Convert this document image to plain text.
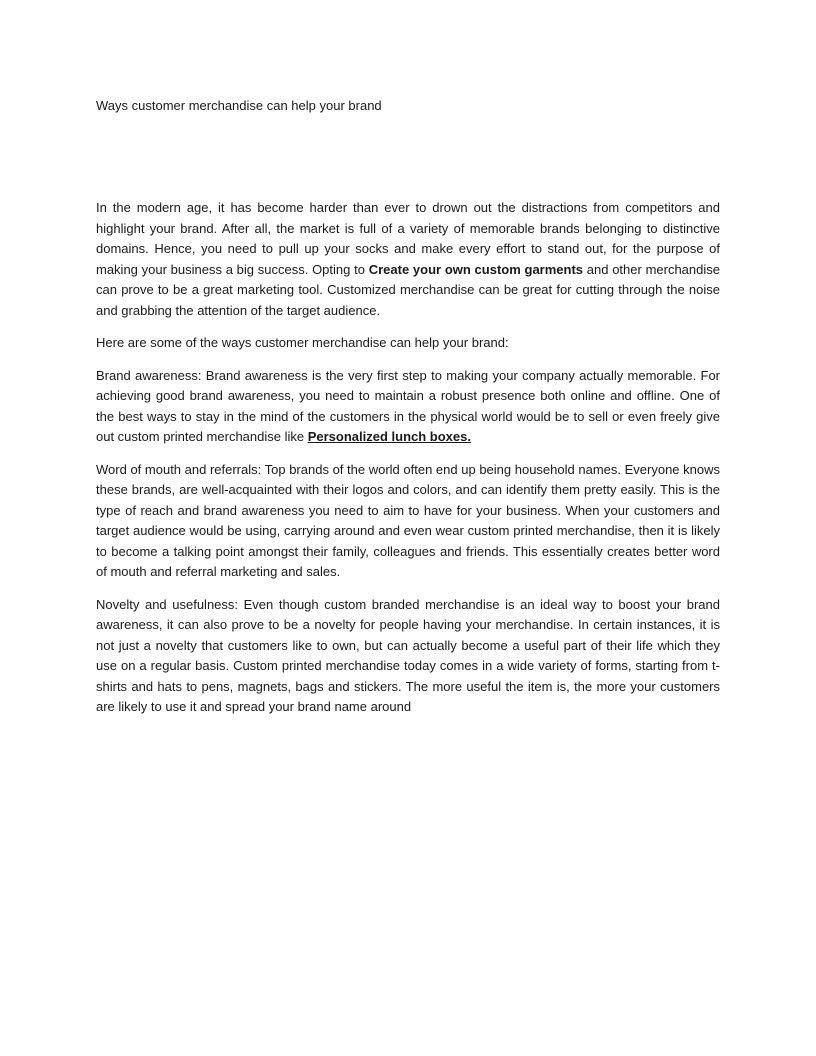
Ways customer merchandise can help your brand

In the modern age, it has become harder than ever to drown out the distractions from competitors and highlight your brand. After all, the market is full of a variety of memorable brands belonging to distinctive domains. Hence, you need to pull up your socks and make every effort to stand out, for the purpose of making your business a big success. Opting to Create your own custom garments and other merchandise can prove to be a great marketing tool. Customized merchandise can be great for cutting through the noise and grabbing the attention of the target audience.

Here are some of the ways customer merchandise can help your brand:

Brand awareness: Brand awareness is the very first step to making your company actually memorable. For achieving good brand awareness, you need to maintain a robust presence both online and offline. One of the best ways to stay in the mind of the customers in the physical world would be to sell or even freely give out custom printed merchandise like Personalized lunch boxes.

Word of mouth and referrals: Top brands of the world often end up being household names. Everyone knows these brands, are well-acquainted with their logos and colors, and can identify them pretty easily. This is the type of reach and brand awareness you need to aim to have for your business. When your customers and target audience would be using, carrying around and even wear custom printed merchandise, then it is likely to become a talking point amongst their family, colleagues and friends. This essentially creates better word of mouth and referral marketing and sales.

Novelty and usefulness: Even though custom branded merchandise is an ideal way to boost your brand awareness, it can also prove to be a novelty for people having your merchandise. In certain instances, it is not just a novelty that customers like to own, but can actually become a useful part of their life which they use on a regular basis. Custom printed merchandise today comes in a wide variety of forms, starting from t-shirts and hats to pens, magnets, bags and stickers. The more useful the item is, the more your customers are likely to use it and spread your brand name around
